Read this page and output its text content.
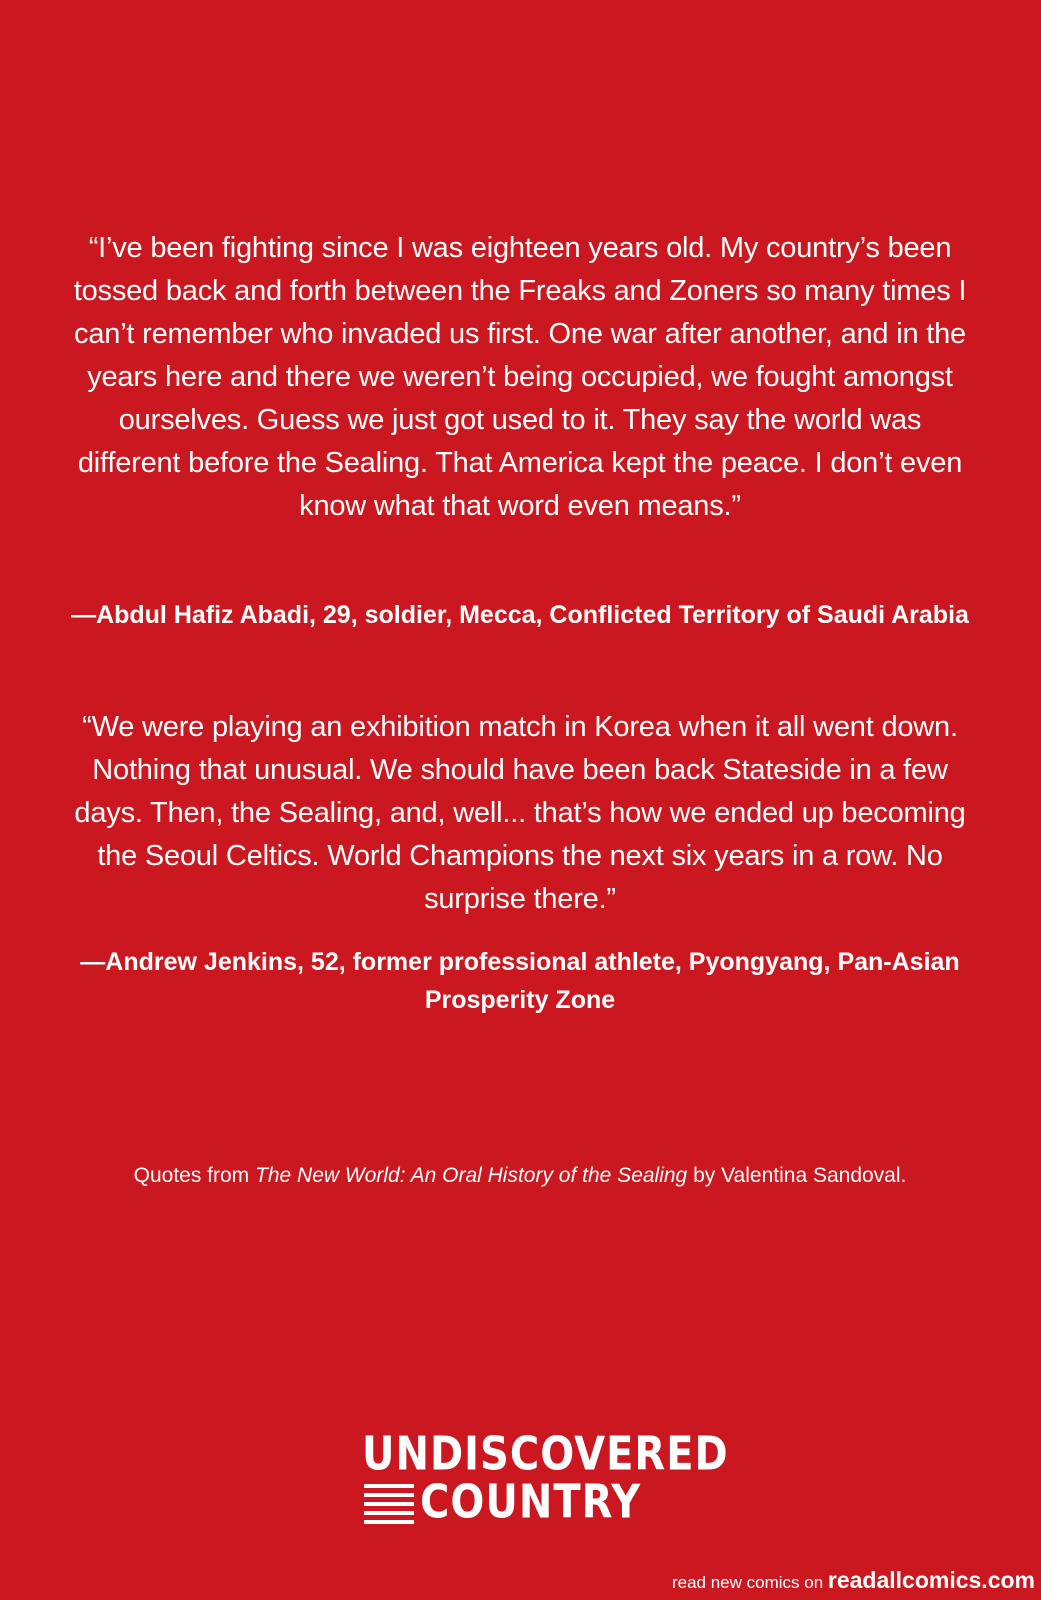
“I’ve been fighting since I was eighteen years old. My country’s been tossed back and forth between the Freaks and Zoners so many times I can’t remember who invaded us first. One war after another, and in the years here and there we weren’t being occupied, we fought amongst ourselves. Guess we just got used to it. They say the world was different before the Sealing. That America kept the peace. I don’t even know what that word even means.”
—Abdul Hafiz Abadi, 29, soldier, Mecca, Conflicted Territory of Saudi Arabia
“We were playing an exhibition match in Korea when it all went down. Nothing that unusual. We should have been back Stateside in a few days. Then, the Sealing, and, well... that’s how we ended up becoming the Seoul Celtics. World Champions the next six years in a row. No surprise there.”
—Andrew Jenkins, 52, former professional athlete, Pyongyang, Pan-Asian Prosperity Zone
Quotes from The New World: An Oral History of the Sealing by Valentina Sandoval.
UNDISCOVERED
COUNTRY
read new comics on readallcomics.com
